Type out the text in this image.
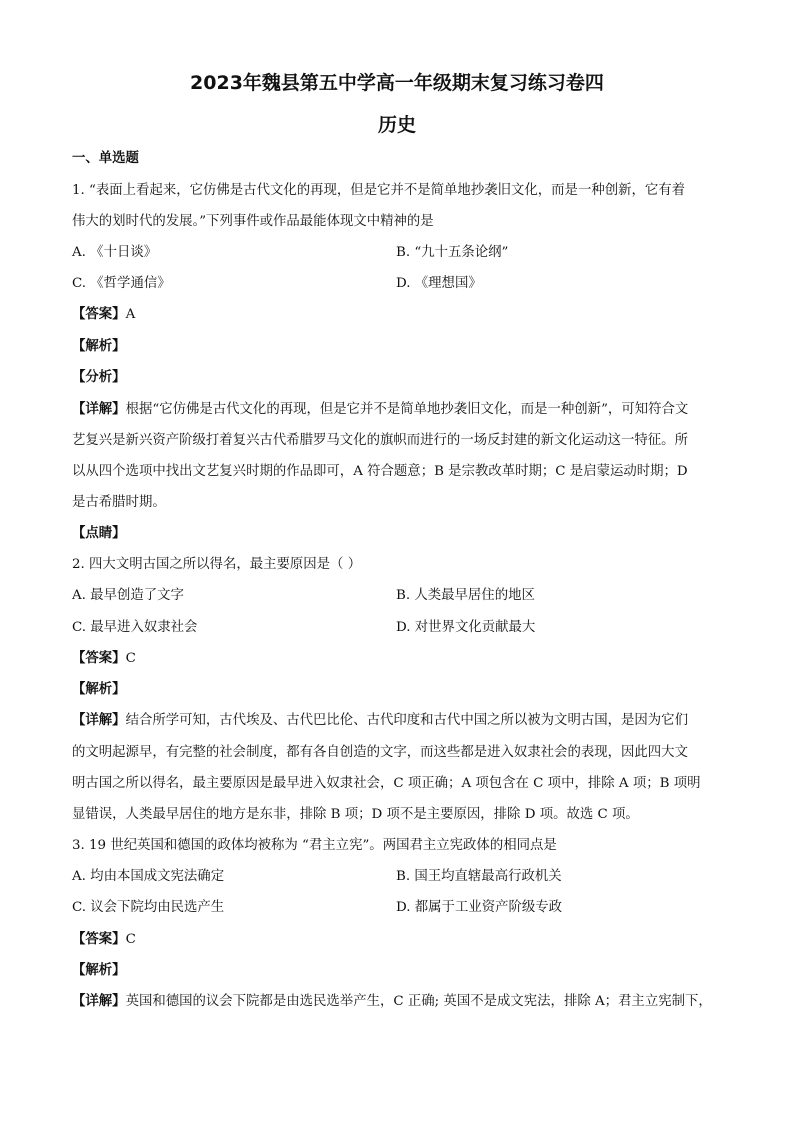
2023年魏县第五中学高一年级期末复习练习卷四
历史
一、单选题
1. “表面上看起来，它仿佛是古代文化的再现，但是它并不是简单地抄袭旧文化，而是一种创新，它有着
伟大的划时代的发展。”下列事件或作品最能体现文中精神的是
A. 《十日谈》	B. “九十五条论纲”
C. 《哲学通信》	D. 《理想国》
【答案】A
【解析】
【分析】
【详解】根据“它仿佛是古代文化的再现，但是它并不是简单地抄袭旧文化，而是一种创新”，可知符合文
艺复兴是新兴资产阶级打着复兴古代希腊罗马文化的旗帜而进行的一场反封建的新文化运动这一特征。所
以从四个选项中找出文艺复兴时期的作品即可，A 符合题意；B 是宗教改革时期；C 是启蒙运动时期；D
是古希腊时期。
【点睛】
2. 四大文明古国之所以得名，最主要原因是（ ）
A. 最早创造了文字	B. 人类最早居住的地区
C. 最早进入奴隶社会	D. 对世界文化贡献最大
【答案】C
【解析】
【详解】结合所学可知，古代埃及、古代巴比伦、古代印度和古代中国之所以被为文明古国，是因为它们
的文明起源早，有完整的社会制度，都有各自创造的文字，而这些都是进入奴隶社会的表现，因此四大文
明古国之所以得名，最主要原因是最早进入奴隶社会，C 项正确；A 项包含在 C 项中，排除 A 项；B 项明
显错误，人类最早居住的地方是东非，排除 B 项；D 项不是主要原因，排除 D 项。故选 C 项。
3. 19 世纪英国和德国的政体均被称为 “君主立宪”。两国君主立宪政体的相同点是
A. 均由本国成文宪法确定	B. 国王均直辖最高行政机关
C. 议会下院均由民选产生	D. 都属于工业资产阶级专政
【答案】C
【解析】
【详解】英国和德国的议会下院都是由选民选举产生，C 正确; 英国不是成文宪法，排除 A；君主立宪制下，
